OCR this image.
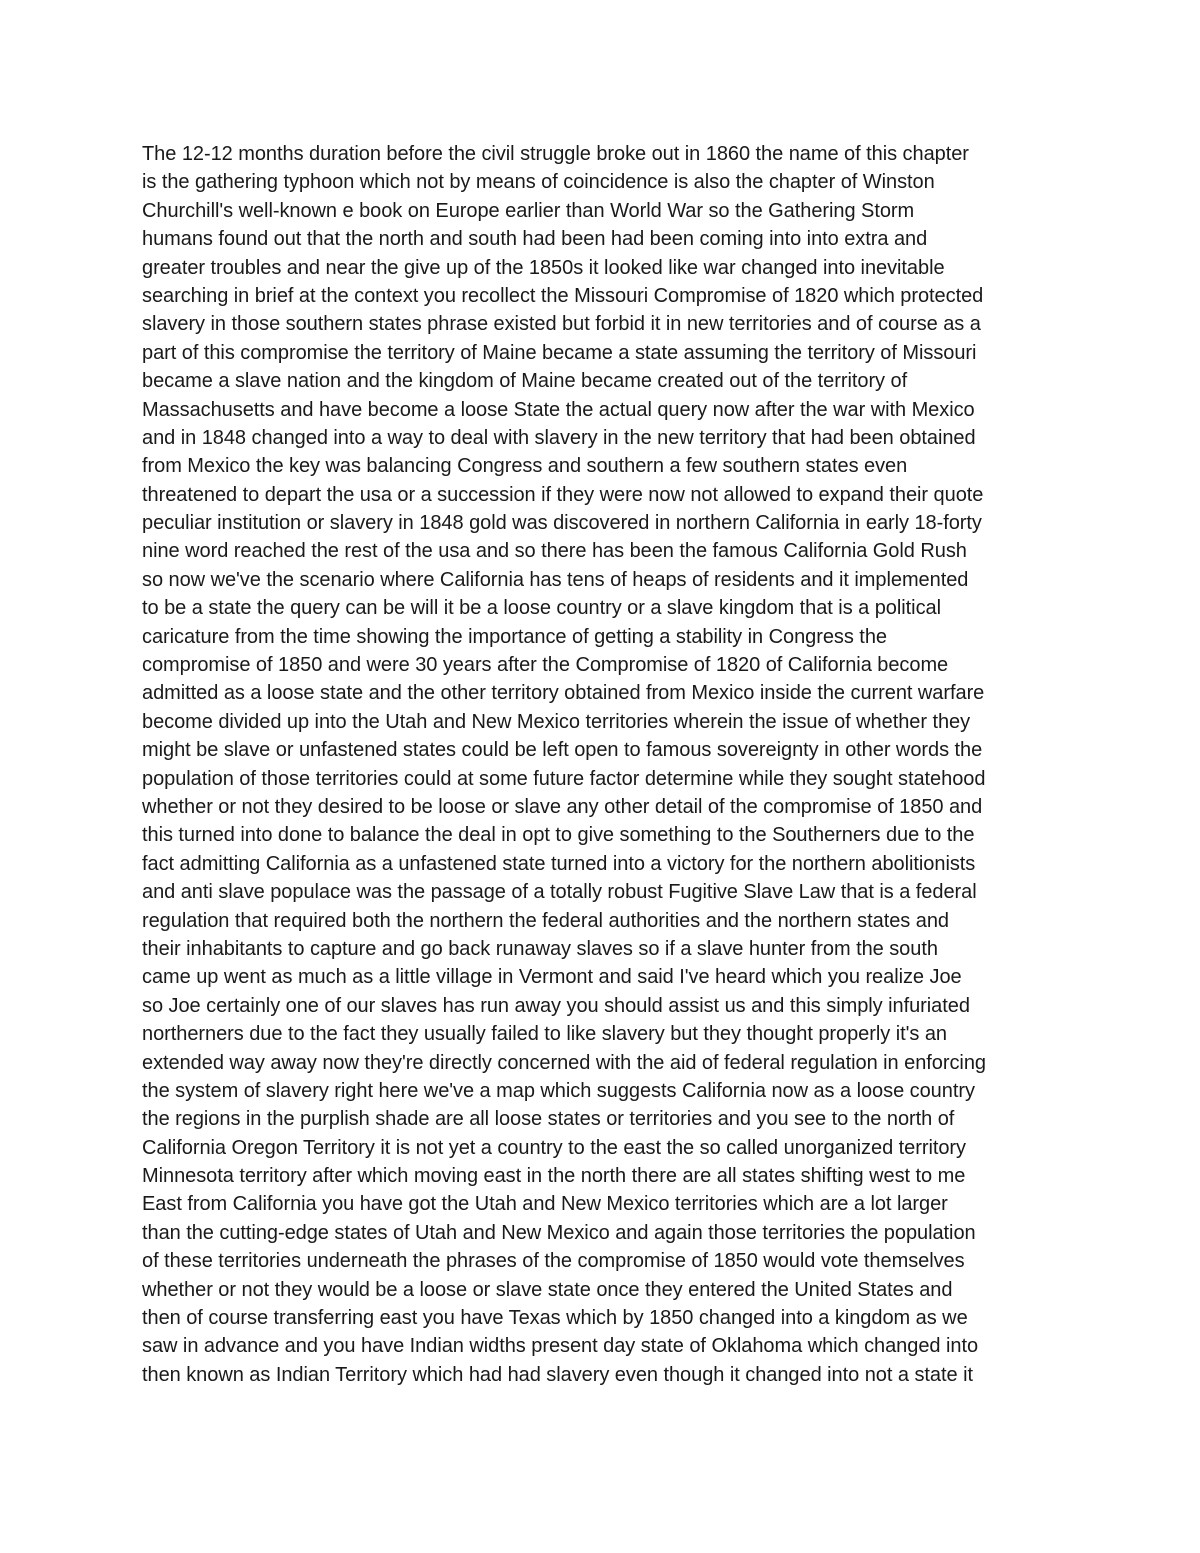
The 12-12 months duration before the civil struggle broke out in 1860 the name of this chapter
is the gathering typhoon which not by means of coincidence is also the chapter of Winston
Churchill's well-known e book on Europe earlier than World War so the Gathering Storm
humans found out that the north and south had been had been coming into into extra and
greater troubles and near the give up of the 1850s it looked like war changed into inevitable
searching in brief at the context you recollect the Missouri Compromise of 1820 which protected
slavery in those southern states phrase existed but forbid it in new territories and of course as a
part of this compromise the territory of Maine became a state assuming the territory of Missouri
became a slave nation and the kingdom of Maine became created out of the territory of
Massachusetts and have become a loose State the actual query now after the war with Mexico
and in 1848 changed into a way to deal with slavery in the new territory that had been obtained
from Mexico the key was balancing Congress and southern a few southern states even
threatened to depart the usa or a succession if they were now not allowed to expand their quote
peculiar institution or slavery in 1848 gold was discovered in northern California in early 18-forty
nine word reached the rest of the usa and so there has been the famous California Gold Rush
so now we've the scenario where California has tens of heaps of residents and it implemented
to be a state the query can be will it be a loose country or a slave kingdom that is a political
caricature from the time showing the importance of getting a stability in Congress the
compromise of 1850 and were 30 years after the Compromise of 1820 of California become
admitted as a loose state and the other territory obtained from Mexico inside the current warfare
become divided up into the Utah and New Mexico territories wherein the issue of whether they
might be slave or unfastened states could be left open to famous sovereignty in other words the
population of those territories could at some future factor determine while they sought statehood
whether or not they desired to be loose or slave any other detail of the compromise of 1850 and
this turned into done to balance the deal in opt to give something to the Southerners due to the
fact admitting California as a unfastened state turned into a victory for the northern abolitionists
and anti slave populace was the passage of a totally robust Fugitive Slave Law that is a federal
regulation that required both the northern the federal authorities and the northern states and
their inhabitants to capture and go back runaway slaves so if a slave hunter from the south
came up went as much as a little village in Vermont and said I've heard which you realize Joe
so Joe certainly one of our slaves has run away you should assist us and this simply infuriated
northerners due to the fact they usually failed to like slavery but they thought properly it's an
extended way away now they're directly concerned with the aid of federal regulation in enforcing
the system of slavery right here we've a map which suggests California now as a loose country
the regions in the purplish shade are all loose states or territories and you see to the north of
California Oregon Territory it is not yet a country to the east the so called unorganized territory
Minnesota territory after which moving east in the north there are all states shifting west to me
East from California you have got the Utah and New Mexico territories which are a lot larger
than the cutting-edge states of Utah and New Mexico and again those territories the population
of these territories underneath the phrases of the compromise of 1850 would vote themselves
whether or not they would be a loose or slave state once they entered the United States and
then of course transferring east you have Texas which by 1850 changed into a kingdom as we
saw in advance and you have Indian widths present day state of Oklahoma which changed into
then known as Indian Territory which had had slavery even though it changed into not a state it
